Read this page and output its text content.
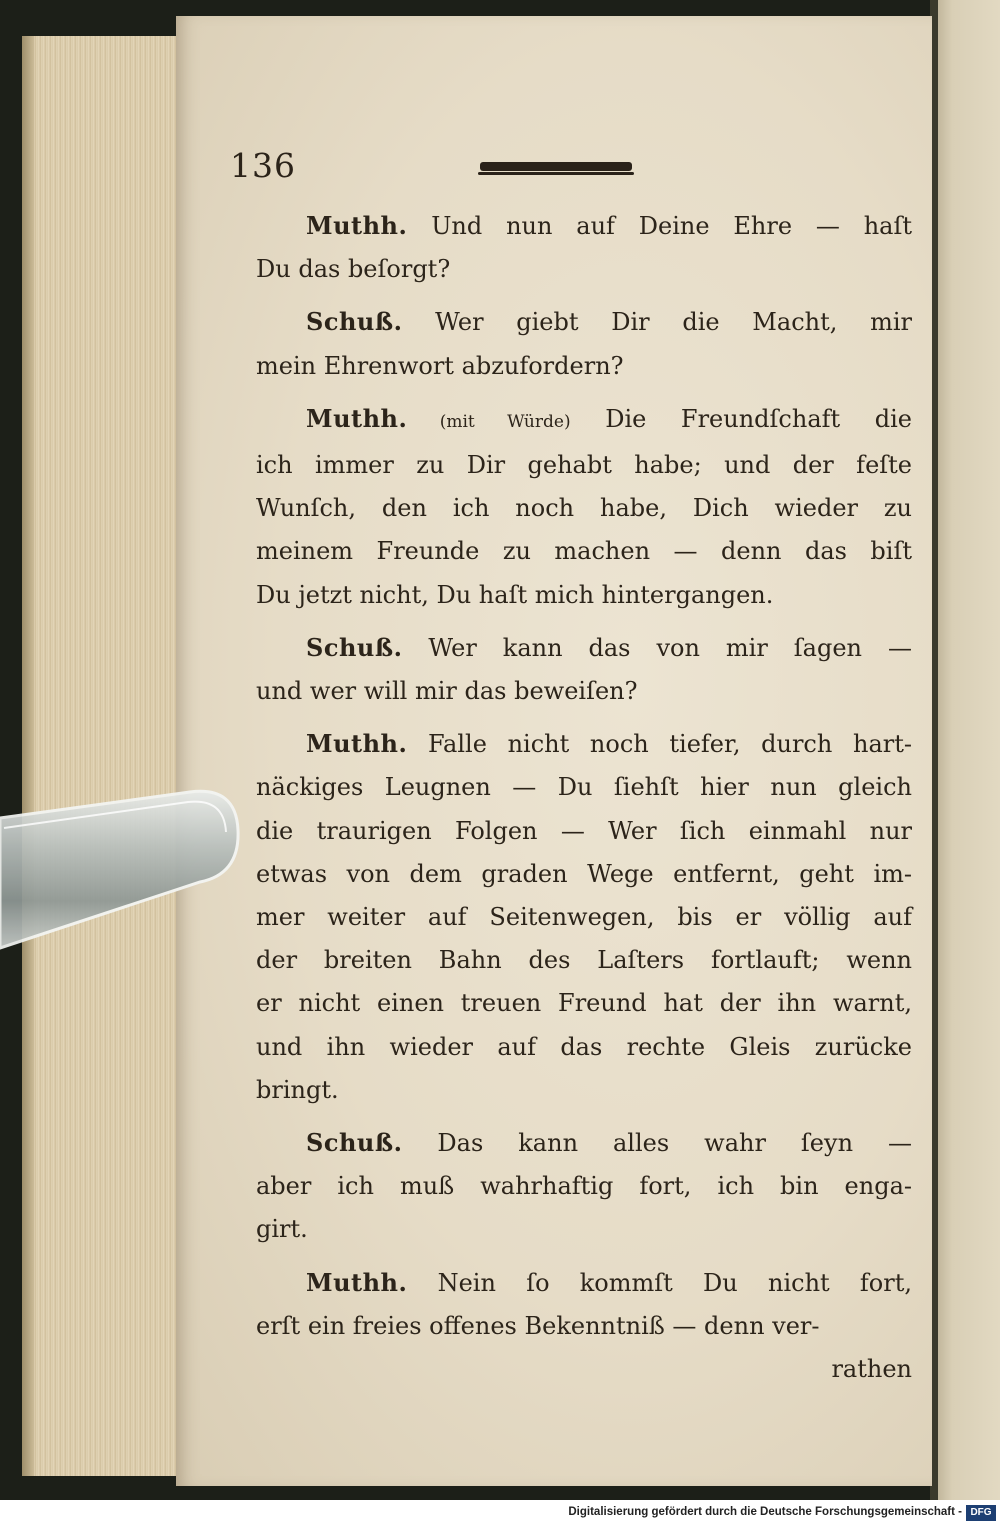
136
Muthh. Und nun auf Deine Ehre — haſt
Du das beſorgt?
Schuß. Wer giebt Dir die Macht, mir
mein Ehrenwort abzufordern?
Muthh. (mit Würde) Die Freundſchaft die
ich immer zu Dir gehabt habe; und der feſte
Wunſch, den ich noch habe, Dich wieder zu
meinem Freunde zu machen — denn das biſt
Du jetzt nicht, Du haſt mich hintergangen.
Schuß. Wer kann das von mir ſagen —
und wer will mir das beweiſen?
Muthh. Falle nicht noch tiefer, durch hart-
näckiges Leugnen — Du ſiehſt hier nun gleich
die traurigen Folgen — Wer ſich einmahl nur
etwas von dem graden Wege entfernt, geht im-
mer weiter auf Seitenwegen, bis er völlig auf
der breiten Bahn des Laſters fortlauft; wenn
er nicht einen treuen Freund hat der ihn warnt,
und ihn wieder auf das rechte Gleis zurücke
bringt.
Schuß. Das kann alles wahr ſeyn —
aber ich muß wahrhaftig fort, ich bin enga-
girt.
Muthh. Nein ſo kommſt Du nicht fort,
erſt ein freies offenes Bekenntniß — denn ver-
rathen
Digitalisierung gefördert durch die Deutsche Forschungsgemeinschaft - DFG
